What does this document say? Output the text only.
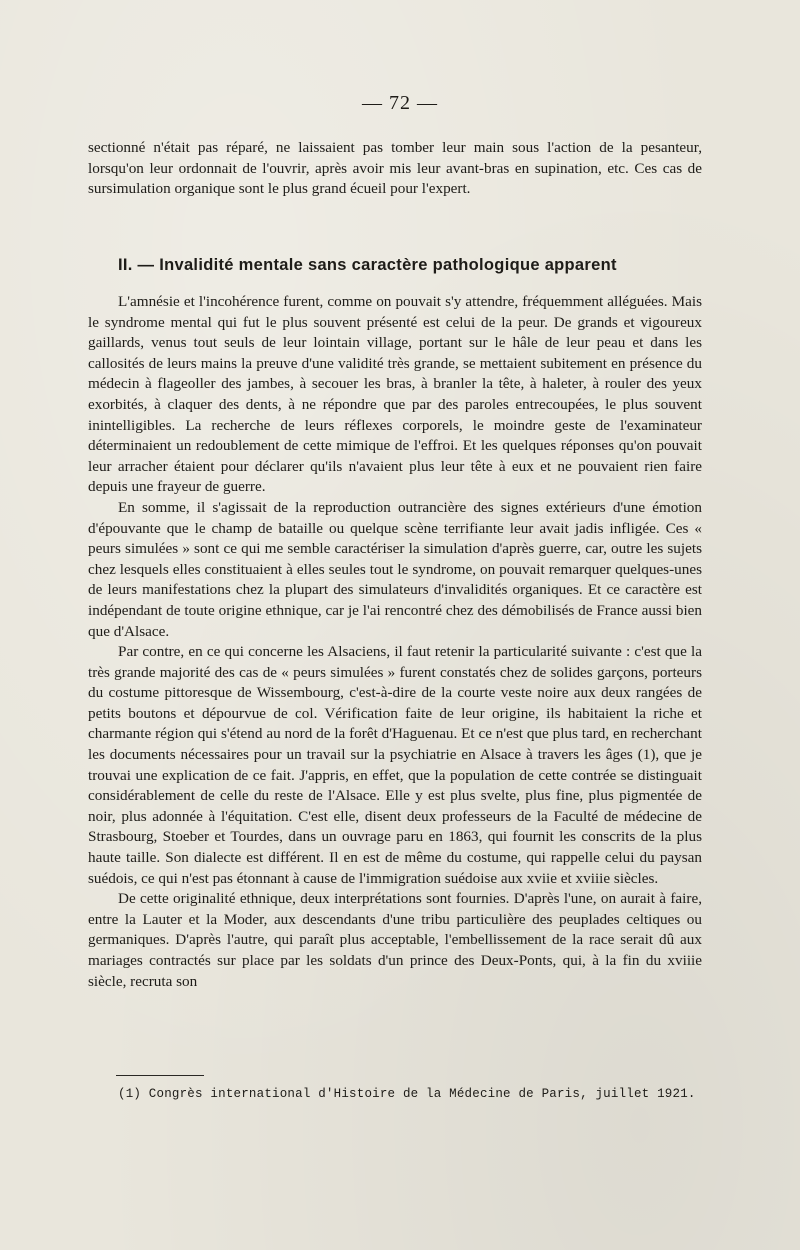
— 72 —

sectionné n'était pas réparé, ne laissaient pas tomber leur main sous l'action de la pesanteur, lorsqu'on leur ordonnait de l'ouvrir, après avoir mis leur avant-bras en supination, etc. Ces cas de sursimulation organique sont le plus grand écueil pour l'expert.

II. — Invalidité mentale sans caractère pathologique apparent

L'amnésie et l'incohérence furent, comme on pouvait s'y attendre, fréquemment alléguées. Mais le syndrome mental qui fut le plus souvent présenté est celui de la peur. De grands et vigoureux gaillards, venus tout seuls de leur lointain village, portant sur le hâle de leur peau et dans les callosités de leurs mains la preuve d'une validité très grande, se mettaient subitement en présence du médecin à flageoller des jambes, à secouer les bras, à branler la tête, à haleter, à rouler des yeux exorbités, à claquer des dents, à ne répondre que par des paroles entrecoupées, le plus souvent inintelligibles. La recherche de leurs réflexes corporels, le moindre geste de l'examinateur déterminaient un redoublement de cette mimique de l'effroi. Et les quelques réponses qu'on pouvait leur arracher étaient pour déclarer qu'ils n'avaient plus leur tête à eux et ne pouvaient rien faire depuis une frayeur de guerre.

En somme, il s'agissait de la reproduction outrancière des signes extérieurs d'une émotion d'épouvante que le champ de bataille ou quelque scène terrifiante leur avait jadis infligée. Ces « peurs simulées » sont ce qui me semble caractériser la simulation d'après guerre, car, outre les sujets chez lesquels elles constituaient à elles seules tout le syndrome, on pouvait remarquer quelques-unes de leurs manifestations chez la plupart des simulateurs d'invalidités organiques. Et ce caractère est indépendant de toute origine ethnique, car je l'ai rencontré chez des démobilisés de France aussi bien que d'Alsace.

Par contre, en ce qui concerne les Alsaciens, il faut retenir la particularité suivante : c'est que la très grande majorité des cas de « peurs simulées » furent constatés chez de solides garçons, porteurs du costume pittoresque de Wissembourg, c'est-à-dire de la courte veste noire aux deux rangées de petits boutons et dépourvue de col. Vérification faite de leur origine, ils habitaient la riche et charmante région qui s'étend au nord de la forêt d'Haguenau. Et ce n'est que plus tard, en recherchant les documents nécessaires pour un travail sur la psychiatrie en Alsace à travers les âges (1), que je trouvai une explication de ce fait. J'appris, en effet, que la population de cette contrée se distinguait considérablement de celle du reste de l'Alsace. Elle y est plus svelte, plus fine, plus pigmentée de noir, plus adonnée à l'équitation. C'est elle, disent deux professeurs de la Faculté de médecine de Strasbourg, Stoeber et Tourdes, dans un ouvrage paru en 1863, qui fournit les conscrits de la plus haute taille. Son dialecte est différent. Il en est de même du costume, qui rappelle celui du paysan suédois, ce qui n'est pas étonnant à cause de l'immigration suédoise aux xviie et xviiie siècles.

De cette originalité ethnique, deux interprétations sont fournies. D'après l'une, on aurait à faire, entre la Lauter et la Moder, aux descendants d'une tribu particulière des peuplades celtiques ou germaniques. D'après l'autre, qui paraît plus acceptable, l'embellissement de la race serait dû aux mariages contractés sur place par les soldats d'un prince des Deux-Ponts, qui, à la fin du xviiie siècle, recruta son

(1) Congrès international d'Histoire de la Médecine de Paris, juillet 1921.
